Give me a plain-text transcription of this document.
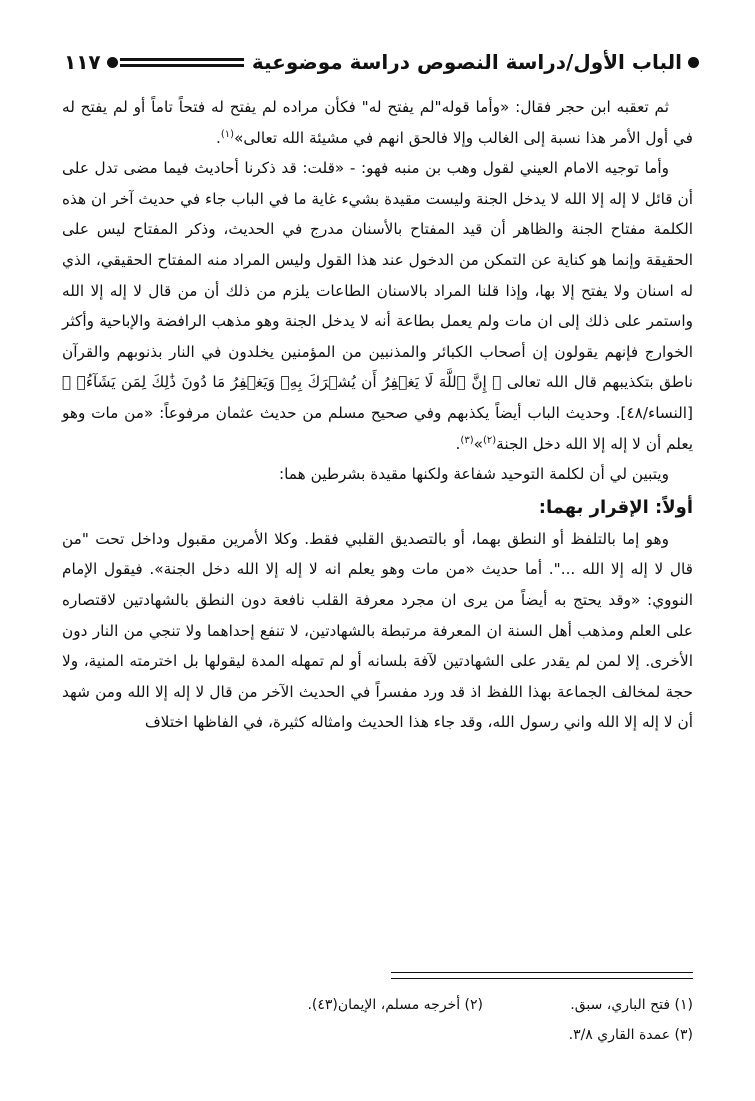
الباب الأول/دراسة النصوص دراسة موضوعية
١١٧

ثم تعقبه ابن حجر فقال: «وأما قوله"لم يفتح له" فكأن مراده لم يفتح له فتحاً تاماً أو لم يفتح له في أول الأمر هذا نسبة إلى الغالب وإلا فالحق انهم في مشيئة الله تعالى»$^{(١)}$.

وأما توجيه الامام العيني لقول وهب بن منبه فهو: - «قلت: قد ذكرنا أحاديث فيما مضى تدل على أن قائل لا إله إلا الله لا يدخل الجنة وليست مقيدة بشيء غاية ما في الباب جاء في حديث آخر ان هذه الكلمة مفتاح الجنة والظاهر أن قيد المفتاح بالأسنان مدرج في الحديث، وذكر المفتاح ليس على الحقيقة وإنما هو كناية عن التمكن من الدخول عند هذا القول وليس المراد منه المفتاح الحقيقي، الذي له اسنان ولا يفتح إلا بها، وإذا قلنا المراد بالاسنان الطاعات يلزم من ذلك أن من قال لا إله إلا الله واستمر على ذلك إلى ان مات ولم يعمل بطاعة أنه لا يدخل الجنة وهو مذهب الرافضة والإباحية وأكثر الخوارج فإنهم يقولون إن أصحاب الكبائر والمذنبين من المؤمنين يخلدون في النار بذنوبهم والقرآن ناطق بتكذيبهم قال الله تعالى ﴿ إِنَّ ٱللَّهَ لَا يَغۡفِرُ أَن يُشۡرَكَ بِهِۦ وَيَغۡفِرُ مَا دُونَ ذَٰلِكَ لِمَن يَشَآءُۚ ﴾ [النساء/٤٨]. وحديث الباب أيضاً يكذبهم وفي صحيح مسلم من حديث عثمان مرفوعاً: «من مات وهو يعلم أن لا إله إلا الله دخل الجنة$^{(٢)}$»$^{(٣)}$.

ويتبين لي أن لكلمة التوحيد شفاعة ولكنها مقيدة بشرطين هما:

أولاً: الإقرار بهما:

وهو إما بالتلفظ أو النطق بهما، أو بالتصديق القلبي فقط. وكلا الأمرين مقبول وداخل تحت "من قال لا إله إلا الله ...". أما حديث «من مات وهو يعلم انه لا إله إلا الله دخل الجنة». فيقول الإمام النووي: «وقد يحتج به أيضاً من يرى ان مجرد معرفة القلب نافعة دون النطق بالشهادتين لاقتصاره على العلم ومذهب أهل السنة ان المعرفة مرتبطة بالشهادتين، لا تنفع إحداهما ولا تنجي من النار دون الأخرى. إلا لمن لم يقدر على الشهادتين لآفة بلسانه أو لم تمهله المدة ليقولها بل اخترمته المنية، ولا حجة لمخالف الجماعة بهذا اللفظ اذ قد ورد مفسراً في الحديث الآخر من قال لا إله إلا الله ومن شهد أن لا إله إلا الله واني رسول الله، وقد جاء هذا الحديث وامثاله كثيرة، في الفاظها اختلاف

(١) فتح الباري، سبق.
(٢) أخرجه مسلم، الإيمان(٤٣).
(٣) عمدة القاري ٣/٨.
